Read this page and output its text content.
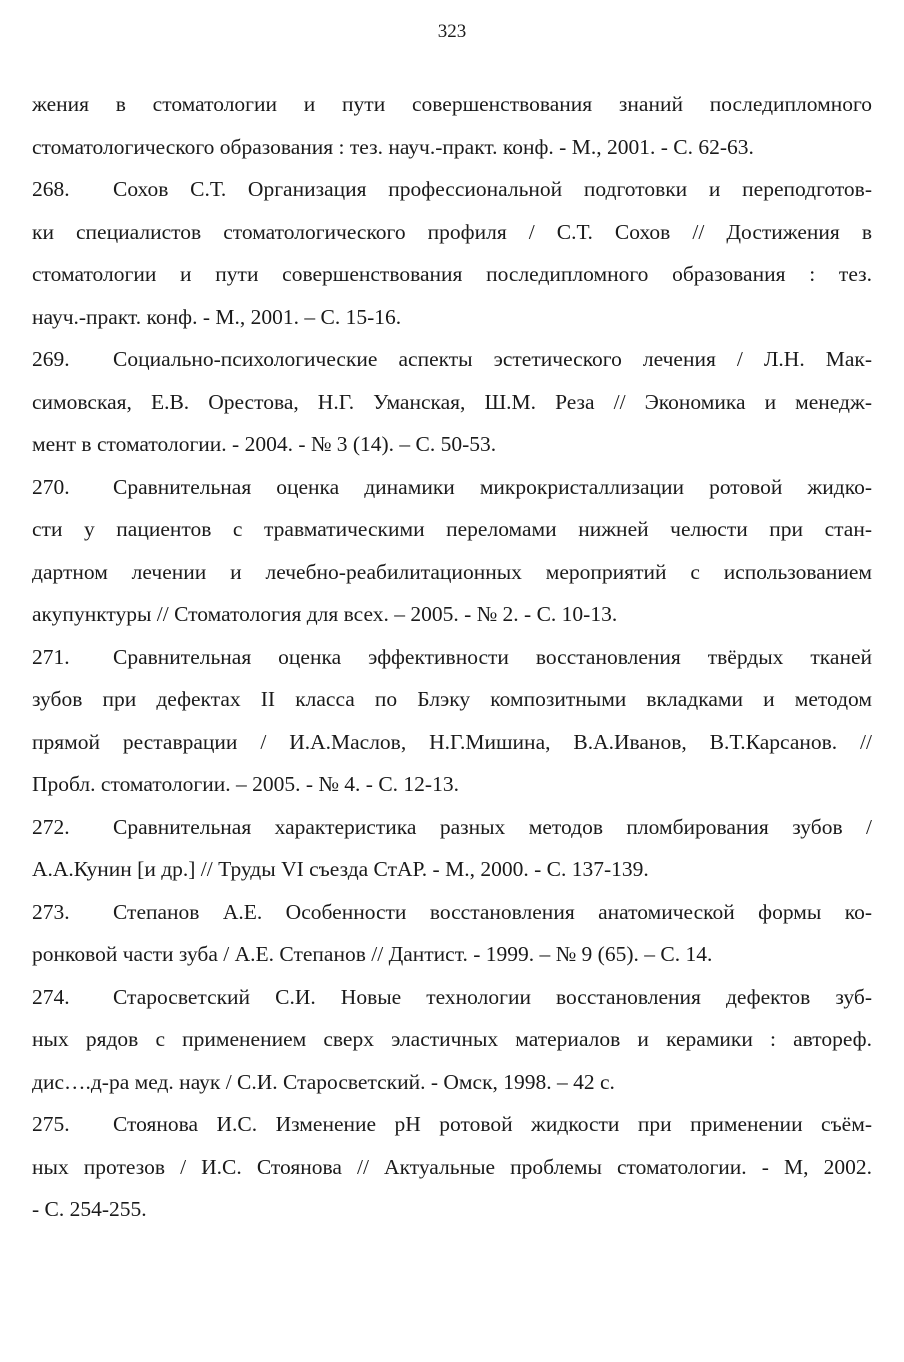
323
жения в стоматологии и пути совершенствования знаний последипломного
стоматологического образования : тез. науч.-практ. конф. - М., 2001. - С. 62-63.
268. Сохов С.Т. Организация профессиональной подготовки и переподготов-
ки специалистов стоматологического профиля / С.Т. Сохов // Достижения в
стоматологии и пути совершенствования последипломного образования : тез.
науч.-практ. конф. - М., 2001. – С. 15-16.
269. Социально-психологические аспекты эстетического лечения / Л.Н. Мак-
симовская, Е.В. Орестова, Н.Г. Уманская, Ш.М. Реза // Экономика и менедж-
мент в стоматологии. - 2004. - № 3 (14). – С. 50-53.
270. Сравнительная оценка динамики микрокристаллизации ротовой жидко-
сти у пациентов с травматическими переломами нижней челюсти при стан-
дартном лечении и лечебно-реабилитационных мероприятий с использованием
акупунктуры // Стоматология для всех. – 2005. - № 2. - С. 10-13.
271. Сравнительная оценка эффективности восстановления твёрдых тканей
зубов при дефектах II класса по Блэку композитными вкладками и методом
прямой реставрации / И.А.Маслов, Н.Г.Мишина, В.А.Иванов, В.Т.Карсанов. //
Пробл. стоматологии. – 2005. - № 4. - С. 12-13.
272. Сравнительная характеристика разных методов пломбирования зубов /
А.А.Кунин [и др.] // Труды VI съезда СтАР. - М., 2000. - С. 137-139.
273. Степанов А.Е. Особенности восстановления анатомической формы ко-
ронковой части зуба / А.Е. Степанов // Дантист. - 1999. – № 9 (65). – С. 14.
274. Старосветский С.И. Новые технологии восстановления дефектов зуб-
ных рядов с применением сверх эластичных материалов и керамики : автореф.
дис….д-ра мед. наук / С.И. Старосветский. - Омск, 1998. – 42 с.
275. Стоянова И.С. Изменение рН ротовой жидкости при применении съём-
ных протезов / И.С. Стоянова // Актуальные проблемы стоматологии. - М, 2002.
- С. 254-255.
